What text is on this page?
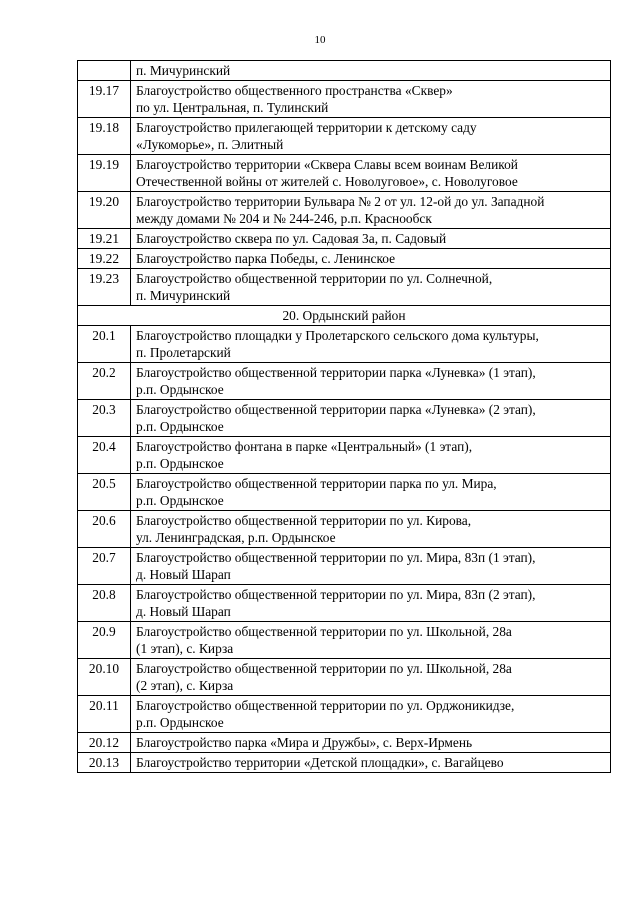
10

	п. Мичуринский

19.17	Благоустройство общественного пространства «Сквер»
по ул. Центральная, п. Тулинский

19.18	Благоустройство прилегающей территории к детскому саду
«Лукоморье», п. Элитный

19.19	Благоустройство территории «Сквера Славы всем воинам Великой
Отечественной войны от жителей с. Новолуговое», с. Новолуговое

19.20	Благоустройство территории Бульвара № 2 от ул. 12-ой до ул. Западной
между домами № 204 и № 244-246, р.п. Краснообск

19.21	Благоустройство сквера по ул. Садовая 3а, п. Садовый

19.22	Благоустройство парка Победы, с. Ленинское

19.23	Благоустройство общественной территории по ул. Солнечной,
п. Мичуринский

20. Ордынский район	
20.1	Благоустройство площадки у Пролетарского сельского дома культуры,
п. Пролетарский

20.2	Благоустройство общественной территории парка «Луневка» (1 этап),
р.п. Ордынское

20.3	Благоустройство общественной территории парка «Луневка» (2 этап),
р.п. Ордынское

20.4	Благоустройство фонтана в парке «Центральный» (1 этап),
р.п. Ордынское

20.5	Благоустройство общественной территории парка по ул. Мира,
р.п. Ордынское

20.6	Благоустройство общественной территории по ул. Кирова,
ул. Ленинградская, р.п. Ордынское

20.7	Благоустройство общественной территории по ул. Мира, 83п (1 этап),
д. Новый Шарап

20.8	Благоустройство общественной территории по ул. Мира, 83п (2 этап),
д. Новый Шарап

20.9	Благоустройство общественной территории по ул. Школьной, 28а
(1 этап), с. Кирза

20.10	Благоустройство общественной территории по ул. Школьной, 28а
(2 этап), с. Кирза

20.11	Благоустройство общественной территории по ул. Орджоникидзе,
р.п. Ордынское

20.12	Благоустройство парка «Мира и Дружбы», с. Верх-Ирмень

20.13	Благоустройство территории «Детской площадки», с. Вагайцево
